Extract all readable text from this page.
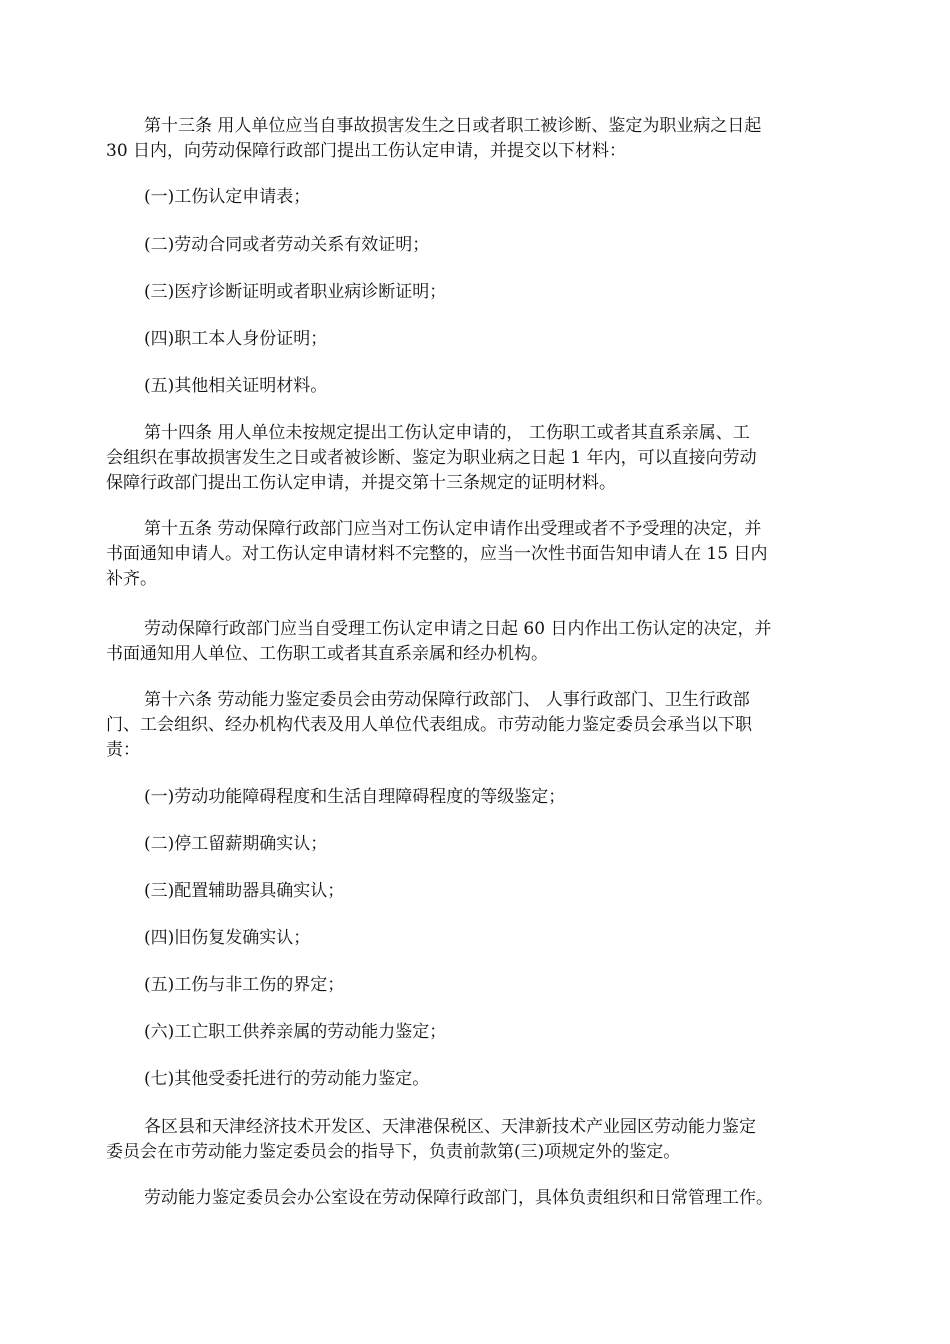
第十三条 用人单位应当自事故损害发生之日或者职工被诊断、鉴定为职业病之日起
30 日内，向劳动保障行政部门提出工伤认定申请，并提交以下材料：

(一)工伤认定申请表；

(二)劳动合同或者劳动关系有效证明；

(三)医疗诊断证明或者职业病诊断证明；

(四)职工本人身份证明；

(五)其他相关证明材料。

第十四条 用人单位未按规定提出工伤认定申请的， 工伤职工或者其直系亲属、工
会组织在事故损害发生之日或者被诊断、鉴定为职业病之日起 1 年内，可以直接向劳动
保障行政部门提出工伤认定申请，并提交第十三条规定的证明材料。

第十五条 劳动保障行政部门应当对工伤认定申请作出受理或者不予受理的决定，并
书面通知申请人。对工伤认定申请材料不完整的，应当一次性书面告知申请人在 15 日内
补齐。

劳动保障行政部门应当自受理工伤认定申请之日起 60 日内作出工伤认定的决定，并
书面通知用人单位、工伤职工或者其直系亲属和经办机构。

第十六条 劳动能力鉴定委员会由劳动保障行政部门、 人事行政部门、卫生行政部
门、工会组织、经办机构代表及用人单位代表组成。市劳动能力鉴定委员会承当以下职
责：

(一)劳动功能障碍程度和生活自理障碍程度的等级鉴定；

(二)停工留薪期确实认；

(三)配置辅助器具确实认；

(四)旧伤复发确实认；

(五)工伤与非工伤的界定；

(六)工亡职工供养亲属的劳动能力鉴定；

(七)其他受委托进行的劳动能力鉴定。

各区县和天津经济技术开发区、天津港保税区、天津新技术产业园区劳动能力鉴定
委员会在市劳动能力鉴定委员会的指导下，负责前款第(三)项规定外的鉴定。

劳动能力鉴定委员会办公室设在劳动保障行政部门，具体负责组织和日常管理工作。
